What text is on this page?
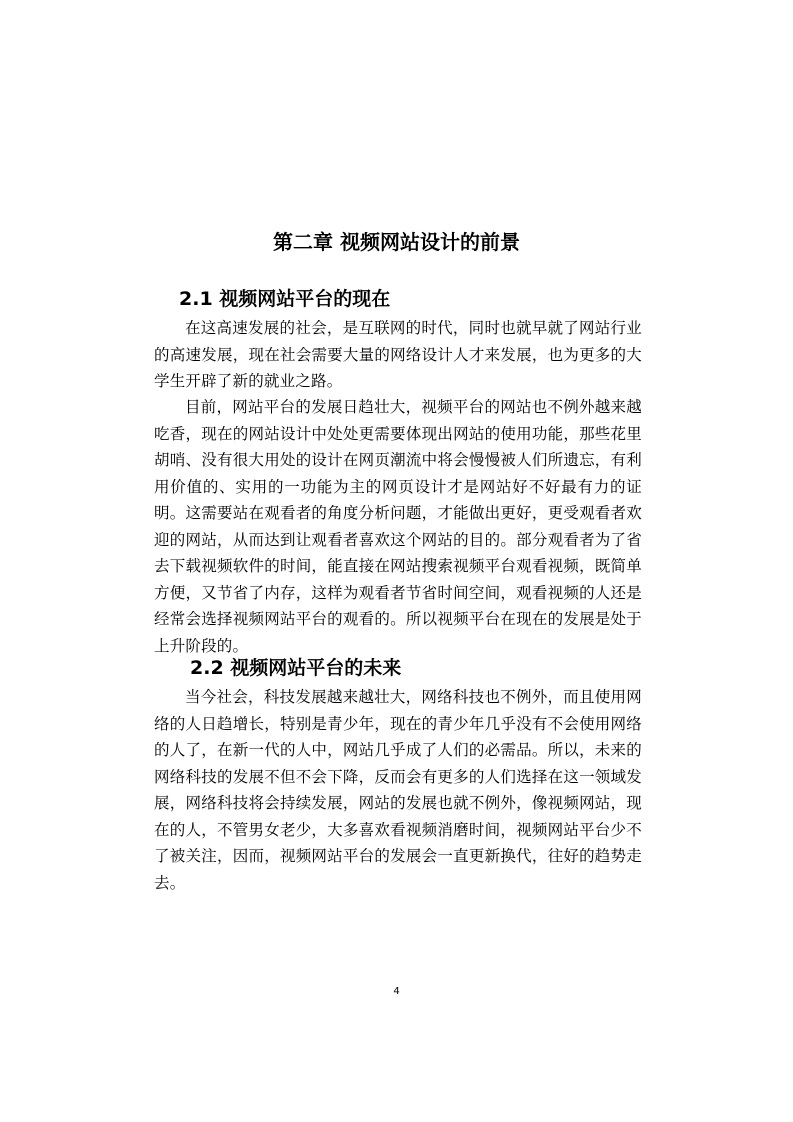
第二章 视频网站设计的前景
2.1 视频网站平台的现在

在这高速发展的社会，是互联网的时代，同时也就早就了网站行业的高速发展，现在社会需要大量的网络设计人才来发展，也为更多的大学生开辟了新的就业之路。

目前，网站平台的发展日趋壮大，视频平台的网站也不例外越来越吃香，现在的网站设计中处处更需要体现出网站的使用功能，那些花里胡哨、没有很大用处的设计在网页潮流中将会慢慢被人们所遗忘，有利用价值的、实用的一功能为主的网页设计才是网站好不好最有力的证明。这需要站在观看者的角度分析问题，才能做出更好，更受观看者欢迎的网站，从而达到让观看者喜欢这个网站的目的。部分观看者为了省去下载视频软件的时间，能直接在网站搜索视频平台观看视频，既简单方便，又节省了内存，这样为观看者节省时间空间，观看视频的人还是经常会选择视频网站平台的观看的。所以视频平台在现在的发展是处于上升阶段的。

2.2 视频网站平台的未来

当今社会，科技发展越来越壮大，网络科技也不例外，而且使用网络的人日趋增长，特别是青少年，现在的青少年几乎没有不会使用网络的人了，在新一代的人中，网站几乎成了人们的必需品。所以，未来的网络科技的发展不但不会下降，反而会有更多的人们选择在这一领域发展，网络科技将会持续发展，网站的发展也就不例外，像视频网站，现在的人，不管男女老少，大多喜欢看视频消磨时间，视频网站平台少不了被关注，因而，视频网站平台的发展会一直更新换代，往好的趋势走去。

4
